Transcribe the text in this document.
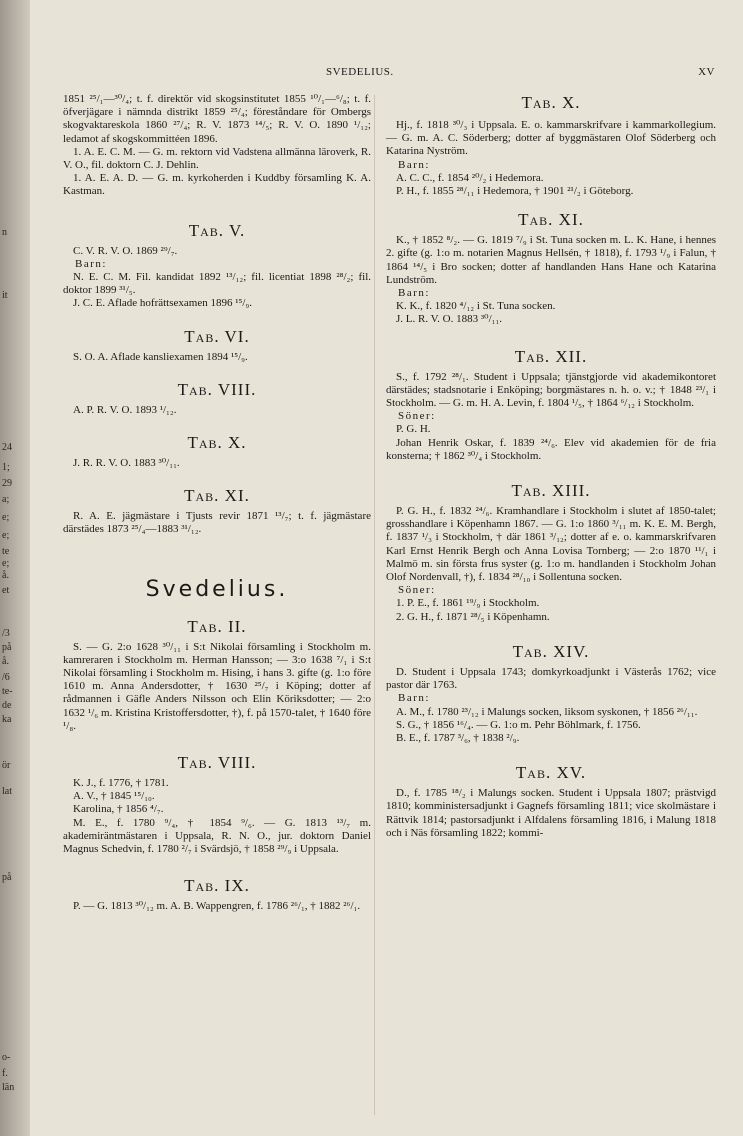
n
it
24
1;
29
a;
e;
e;
te
e;
å.
et
/3
på
å.
/6
te-
de
ka
ör
lat
på
o-
f.
län
SVEDELIUS.	XV

1851 ²⁵/₁—³⁰/₄; t. f. direktör vid skogsinstitutet 1855 ¹⁰/₁—⁶/₈; t. f. öfverjägare i nämnda distrikt 1859 ²⁵/₄; föreståndare för Ombergs skogvaktareskola 1860 ²⁷/₄; R. V. 1873 ¹⁴/₅; R. V. O. 1890 ¹/₁₂; ledamot af skogskommittéen 1896.

1. A. E. C. M. — G. m. rektorn vid Vadstena allmänna läroverk, R. V. O., fil. doktorn C. J. Dehlin.

1. A. E. A. D. — G. m. kyrkoherden i Kuddby församling K. A. Kastman.

Tab. V.

C. V. R. V. O. 1869 ²⁹/₇.

Barn:

N. E. C. M. Fil. kandidat 1892 ¹³/₁₂; fil. licentiat 1898 ²⁸/₂; fil. doktor 1899 ³¹/₅.

J. C. E. Aflade hofrättsexamen 1896 ¹⁵/₉.

Tab. VI.

S. O. A. Aflade kansliexamen 1894 ¹⁵/₉.

Tab. VIII.

A. P. R. V. O. 1893 ¹/₁₂.

Tab. X.

J. R. R. V. O. 1883 ³⁰/₁₁.

Tab. XI.

R. A. E. jägmästare i Tjusts revir 1871 ¹³/₇; t. f. jägmästare därstädes 1873 ²⁵/₄—1883 ³¹/₁₂.

Svedelius.

Tab. II.

S. — G. 2:o 1628 ³⁰/₁₁ i S:t Nikolai församling i Stockholm m. kamreraren i Stockholm m. Herman Hansson; — 3:o 1638 ⁷/₁ i S:t Nikolai församling i Stockholm m. Hising, i hans 3. gifte (g. 1:o före 1610 m. Anna Andersdotter, † 1630 ²⁵/₇ i Köping; dotter af rådmannen i Gäfle Anders Nilsson och Elin Köriksdotter; — 2:o 1632 ¹/₆ m. Kristina Kristoffersdotter, †), f. på 1570-talet, † 1640 före ¹/₈.

Tab. VIII.

K. J., f. 1776, † 1781.

A. V., † 1845 ¹⁵/₁₀.

Karolina, † 1856 ⁴/₇.

M. E., f. 1780 ⁹/₄, † 1854 ⁹/₆. — G. 1813 ¹³/₇ m. akademiräntmästaren i Uppsala, R. N. O., jur. doktorn Daniel Magnus Schedvin, f. 1780 ²/₇ i Svärdsjö, † 1858 ²⁹/₉ i Uppsala.

Tab. IX.

P. — G. 1813 ³⁰/₁₂ m. A. B. Wappengren, f. 1786 ²⁶/₁, † 1882 ²⁶/₁.

Tab. X.

Hj., f. 1818 ³⁰/₃ i Uppsala. E. o. kammarskrifvare i kammarkollegium. — G. m. A. C. Söderberg; dotter af byggmästaren Olof Söderberg och Katarina Nyström.

Barn:

A. C. C., f. 1854 ²⁰/₂ i Hedemora.

P. H., f. 1855 ²⁸/₁₁ i Hedemora, † 1901 ²¹/₂ i Göteborg.

Tab. XI.

K., † 1852 ⁸/₂. — G. 1819 ⁷/₉ i St. Tuna socken m. L. K. Hane, i hennes 2. gifte (g. 1:o m. notarien Magnus Hellsén, † 1818), f. 1793 ¹/₉ i Falun, † 1864 ¹⁴/₅ i Bro socken; dotter af handlanden Hans Hane och Katarina Lundström.

Barn:

K. K., f. 1820 ⁴/₁₂ i St. Tuna socken.

J. L. R. V. O. 1883 ³⁰/₁₁.

Tab. XII.

S., f. 1792 ²⁸/₁. Student i Uppsala; tjänstgjorde vid akademikontoret därstädes; stadsnotarie i Enköping; borgmästares n. h. o. v.; † 1848 ²³/₁ i Stockholm. — G. m. H. A. Levin, f. 1804 ¹/₅, † 1864 ⁶/₁₂ i Stockholm.

Söner:

P. G. H.

Johan Henrik Oskar, f. 1839 ²⁴/₆. Elev vid akademien för de fria konsterna; † 1862 ³⁰/₄ i Stockholm.

Tab. XIII.

P. G. H., f. 1832 ²⁴/₆. Kramhandlare i Stockholm i slutet af 1850-talet; grosshandlare i Köpenhamn 1867. — G. 1:o 1860 ³/₁₁ m. K. E. M. Bergh, f. 1837 ¹/₃ i Stockholm, † där 1861 ³/₁₂; dotter af e. o. kammarskrifvaren Karl Ernst Henrik Bergh och Anna Lovisa Tornberg; — 2:o 1870 ¹¹/₁ i Malmö m. sin första frus syster (g. 1:o m. handlanden i Stockholm Johan Olof Nordenvall, †), f. 1834 ²⁸/₁₀ i Sollentuna socken.

Söner:

1. P. E., f. 1861 ¹⁹/₉ i Stockholm.

2. G. H., f. 1871 ²⁸/₅ i Köpenhamn.

Tab. XIV.

D. Student i Uppsala 1743; domkyrkoadjunkt i Västerås 1762; vice pastor där 1763.

Barn:

A. M., f. 1780 ²³/₁₂ i Malungs socken, liksom syskonen, † 1856 ²⁶/₁₁.

S. G., † 1856 ¹⁶/₄. — G. 1:o m. Pehr Böhlmark, f. 1756.

B. E., f. 1787 ³/₆, † 1838 ²/₉.

Tab. XV.

D., f. 1785 ¹⁸/₂ i Malungs socken. Student i Uppsala 1807; prästvigd 1810; komministersadjunkt i Gagnefs församling 1811; vice skolmästare i Rättvik 1814; pastorsadjunkt i Alfdalens församling 1816, i Malung 1818 och i Näs församling 1822; kommi-
